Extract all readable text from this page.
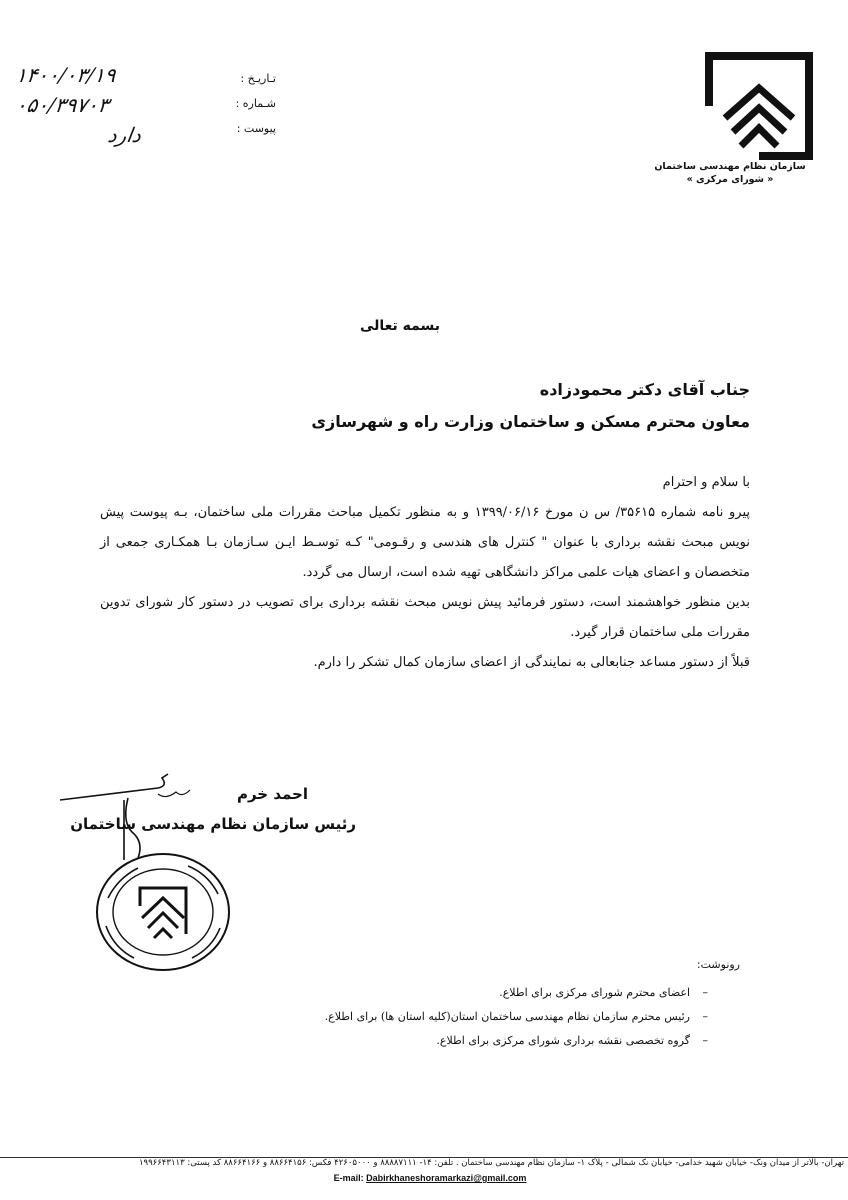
تـاریـخ :
شـماره :
پیوست :
۱۴۰۰/۰۳/۱۹
۰۵۰/۳۹۷۰۳
دارد
سازمان نظام مهندسی ساختمان
« شورای مرکزی »
بسمه تعالی
جناب آقای دکتر محمودزاده
معاون محترم مسکن و ساختمان وزارت راه و شهرسازی

با سلام و احترام

پیرو نامه شماره ۳۵۶۱۵/ س ن مورخ ۱۳۹۹/۰۶/۱۶ و به منظور تکمیل مباحث مقررات ملی ساختمان، بـه پیوست پیش نویس مبحث نقشه برداری با عنوان " کنترل های هندسی و رقـومی" کـه توسـط ایـن سـازمان بـا همکـاری جمعی از متخصصان و اعضای هیات علمی مراکز دانشگاهی تهیه شده است، ارسال می گردد.

بدین منظور خواهشمند است، دستور فرمائید پیش نویس مبحث نقشه برداری برای تصویب در دستور کار شورای تدوین مقررات ملی ساختمان قرار گیرد.

قبلاً از دستور مساعد جنابعالی به نمایندگی از اعضای سازمان کمال تشکر را دارم.

احمد خرم
رئیس سازمان نظام مهندسی ساختمان
رونوشت:
– اعضای محترم شورای مرکزی برای اطلاع.
– رئیس محترم سازمان نظام مهندسی ساختمان استان(کلیه استان ها) برای اطلاع.
– گروه تخصصی نقشه برداری شورای مرکزی برای اطلاع.
تهران- بالاتر از میدان ونک- خیابان شهید خدامی- خیابان نک شمالی - پلاک ۱- سازمان نظام مهندسی ساختمان . تلفن: ۱۴- ۸۸۸۸۷۱۱۱ و ۴۲۶۰۵۰۰۰ فکس: ۸۸۶۶۴۱۵۶ و ۸۸۶۶۴۱۶۶ کد پستی: ۱۹۹۶۶۴۳۱۱۳
E-mail: Dabirkhaneshoramarkazi@gmail.com
